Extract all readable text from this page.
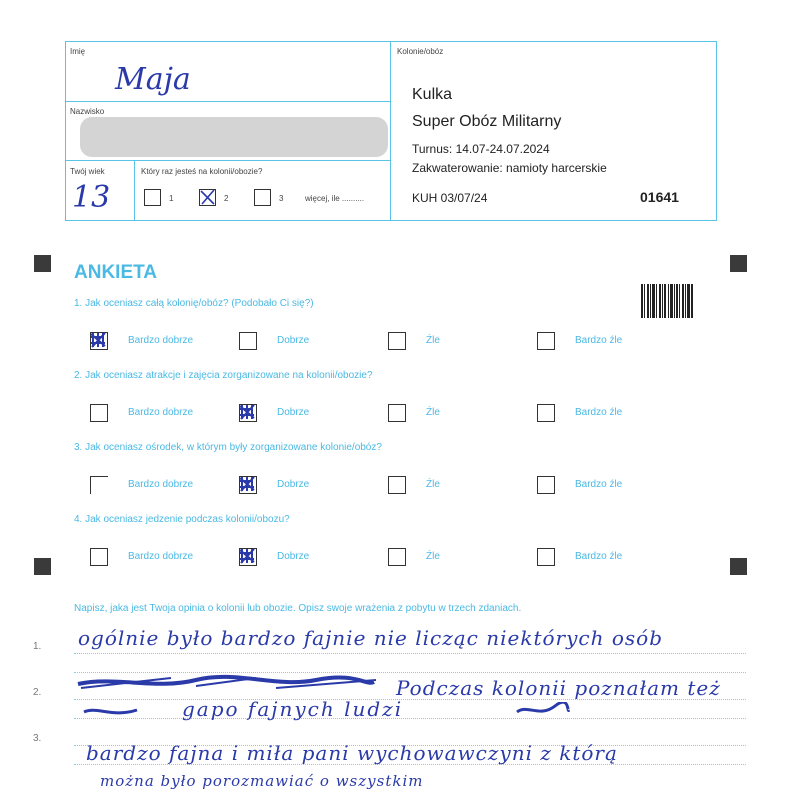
Imię
Maja
Nazwisko
Twój wiek
13
Który raz jesteś na kolonii/obozie?
1	2	3	więcej, ile ..........
Kolonie/obóz
Kulka
Super Obóz Militarny
Turnus: 14.07-24.07.2024
Zakwaterowanie: namioty harcerskie
KUH 03/07/24	01641
ANKIETA
1. Jak oceniasz całą kolonię/obóz? (Podobało Ci się?)
Bardzo dobrze	Dobrze	Źle	Bardzo źle
2. Jak oceniasz atrakcje i zajęcia zorganizowane na kolonii/obozie?
Bardzo dobrze	Dobrze	Źle	Bardzo źle
3. Jak oceniasz ośrodek, w którym były zorganizowane kolonie/obóz?
Bardzo dobrze	Dobrze	Źle	Bardzo źle
4. Jak oceniasz jedzenie podczas kolonii/obozu?
Bardzo dobrze	Dobrze	Źle	Bardzo źle
Napisz, jaka jest Twoja opinia o kolonii lub obozie. Opisz swoje wrażenia z pobytu w trzech zdaniach.
1.
2.
3.
ogólnie było bardzo fajnie nie licząc niektórych osób
Podczas kolonii poznałam też
gapo fajnych ludzi
bardzo fajna i miła pani wychowawczyni z którą
można było porozmawiać o wszystkim
